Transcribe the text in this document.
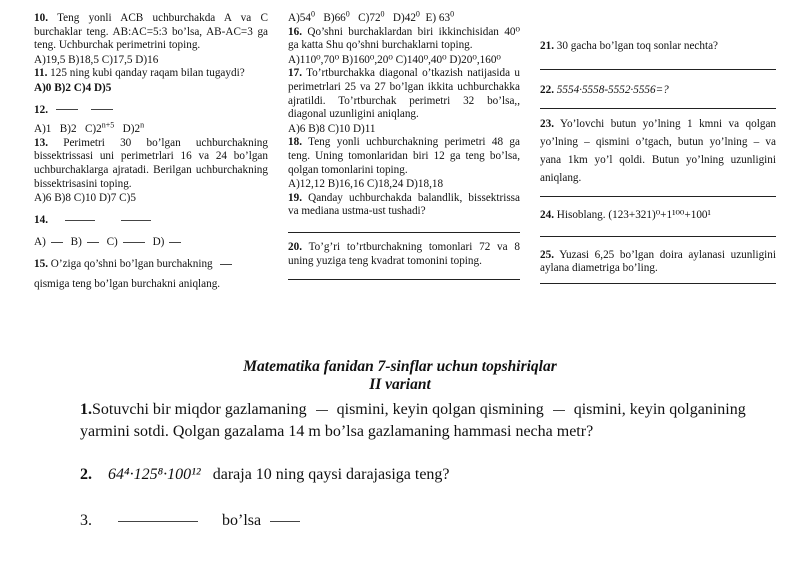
10. Teng yonli ACB uchburchakda A va C burchaklar teng. AB:AC=5:3 bo’lsa, AB-AC=3 ga teng. Uchburchak perimetrini toping.
A)19,5 B)18,5 C)17,5 D)16
11. 125 ning kubi qanday raqam bilan tugaydi?
A)0 B)2 C)4 D)5
12.
A)1 B)2 $C)2^{n+5}$ D)2$^n$
13. Perimetri 30 bo’lgan uchburchakning bissektrissasi uni perimetrlari 16 va 24 bo’lgan uchburchaklarga ajratadi. Berilgan uchburchakning bissektrisasini toping.
A)6 B)8 C)10 D)7 C)5
14.
A) B) C)	D)
15. O’ziga qo’shni bo’lgan burchakning
qismiga teng bo’lgan burchakni aniqlang.
$A)54^0$ $B)66^0$ $C)72^0$ $D)42^0$ E) $63^0$
16. Qo’shni burchaklardan biri ikkinchisidan 40⁰ ga katta Shu qo’shni burchaklarni toping.
A)110⁰,70⁰ B)160⁰,20⁰ C)140⁰,40⁰ D)20⁰,160⁰
17. To’rtburchakka diagonal o’tkazish natijasida u perimetrlari 25 va 27 bo’lgan ikkita uchburchakka ajratildi. To’rtburchak perimetri 32 bo’lsa,, diagonal uzunligini aniqlang.
A)6 B)8 C)10 D)11
18. Teng yonli uchburchakning perimetri 48 ga teng. Uning tomonlaridan biri 12 ga teng bo’lsa, qolgan tomonlarini toping.
A)12,12 B)16,16 C)18,24 D)18,18
19. Qanday uchburchakda balandlik, bissektrissa va mediana ustma-ust tushadi?
20. To’g’ri to’rtburchakning tomonlari 72 va 8 uning yuziga teng kvadrat tomonini toping.
21. 30 gacha bo’lgan toq sonlar nechta?
22. 5554·5558-5552·5556=?
23. Yo’lovchi butun yo’lning 1 kmni va qolgan yo’lning – qismini o’tgach, butun yo’lning – va yana 1km yo’l qoldi. Butun yo’lning uzunligini aniqlang.
24. Hisoblang. (123+321)⁰+1¹⁰⁰+100¹
25. Yuzasi 6,25 bo’lgan doira aylanasi uzunligini aylana diametriga bo’ling.
Matematika fanidan 7-sinflar uchun topshiriqlar
II variant
1.Sotuvchi bir miqdor gazlamaning qismini, keyin qolgan qismining qismini, keyin qolganining yarmini sotdi. Qolgan gazalama 14 m bo’lsa gazlamaning hammasi necha metr?
2. 64⁴·125⁸·100¹² daraja 10 ning qaysi darajasiga teng?
3.	bo’lsa
